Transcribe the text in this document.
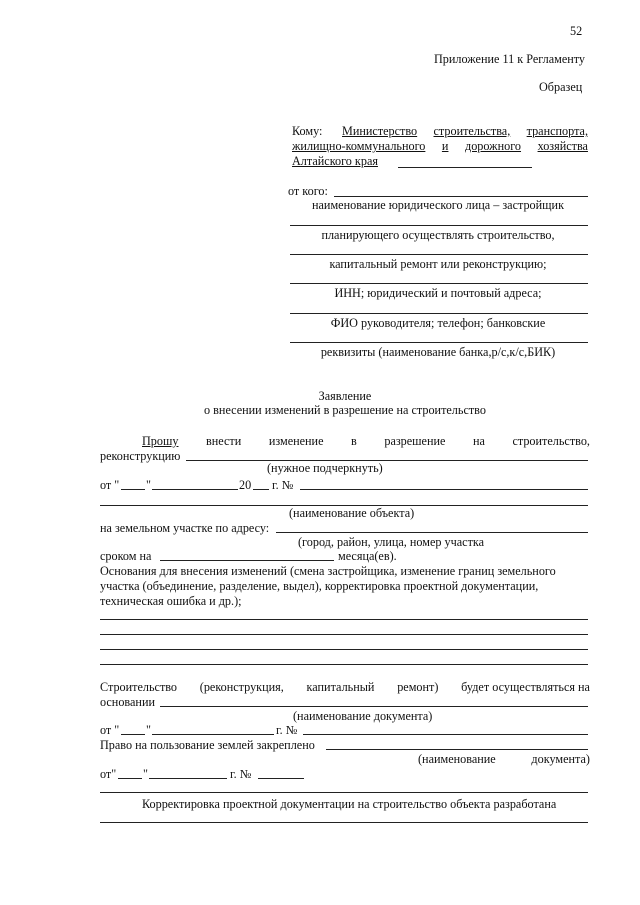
52
Приложение 11 к Регламенту
Образец
Кому: Министерство строительства, транспорта,
жилищно-коммунального и дорожного хозяйства
Алтайского края
от кого:
наименование юридического лица – застройщик
планирующего осуществлять строительство,
капитальный ремонт или реконструкцию;
ИНН; юридический и почтовый адреса;
ФИО руководителя; телефон; банковские
реквизиты (наименование банка,р/с,к/с,БИК)
Заявление
о внесении изменений в разрешение на строительство
Прошу внести изменение в разрешение на строительство,
реконструкцию
(нужное подчеркнуть)
от " "	20 г. №
(наименование объекта)
на земельном участке по адресу:
(город, район, улица, номер участка
сроком на	месяца(ев).
Основания для внесения изменений (смена застройщика, изменение границ земельного
участка (объединение, разделение, выдел), корректировка проектной документации,
техническая ошибка и др.);
Строительство (реконструкция, капитальный ремонт) будет осуществляться на
основании
(наименование документа)
от " "	г. №
Право на пользование землей закреплено
(наименование	документа)
от" "	г. №
Корректировка проектной документации на строительство объекта разработана
